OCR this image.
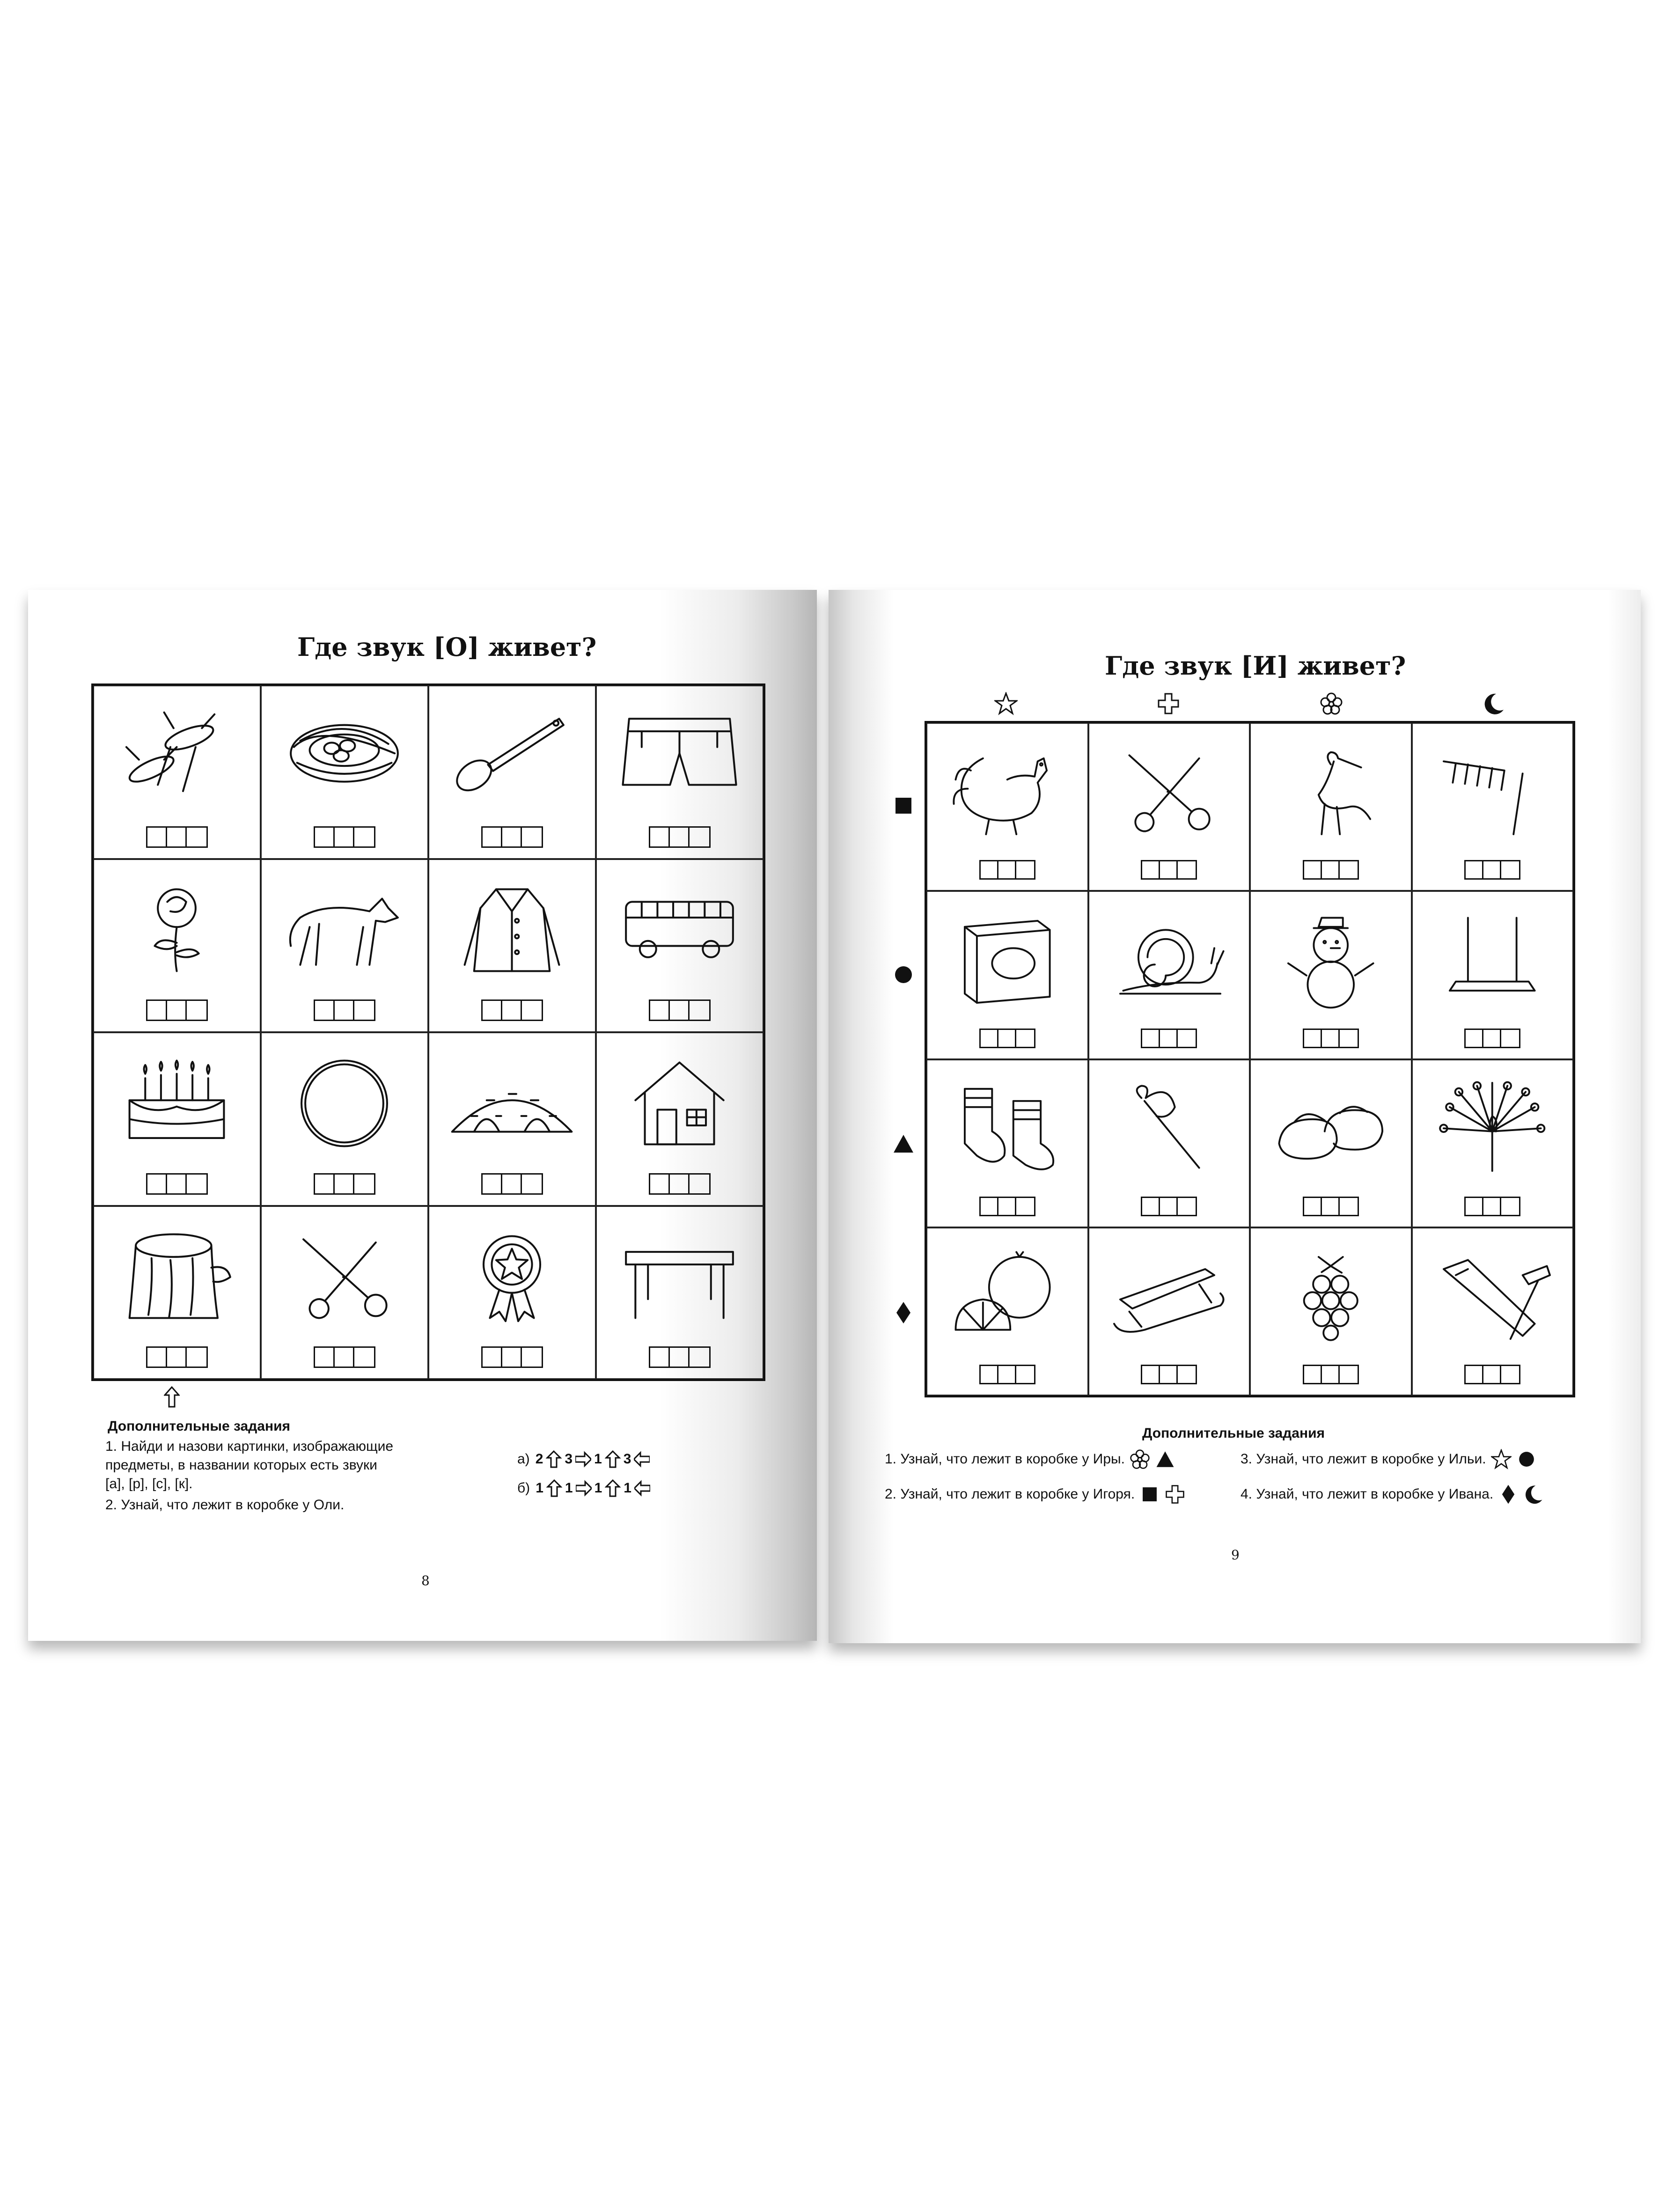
Где звук [О] живет?
Дополнительные задания
1. Найди и назови картинки, изображающие
предметы, в названии которых есть звуки
[а], [р], [с], [к].
2. Узнай, что лежит в коробке у Оли.
а) 2 3 1 3
б) 1 1 1 1
8
Где звук [И] живет?
Дополнительные задания
1. Узнай, что лежит в коробке у Иры.
2. Узнай, что лежит в коробке у Игоря.
3. Узнай, что лежит в коробке у Ильи.
4. Узнай, что лежит в коробке у Ивана.
9
